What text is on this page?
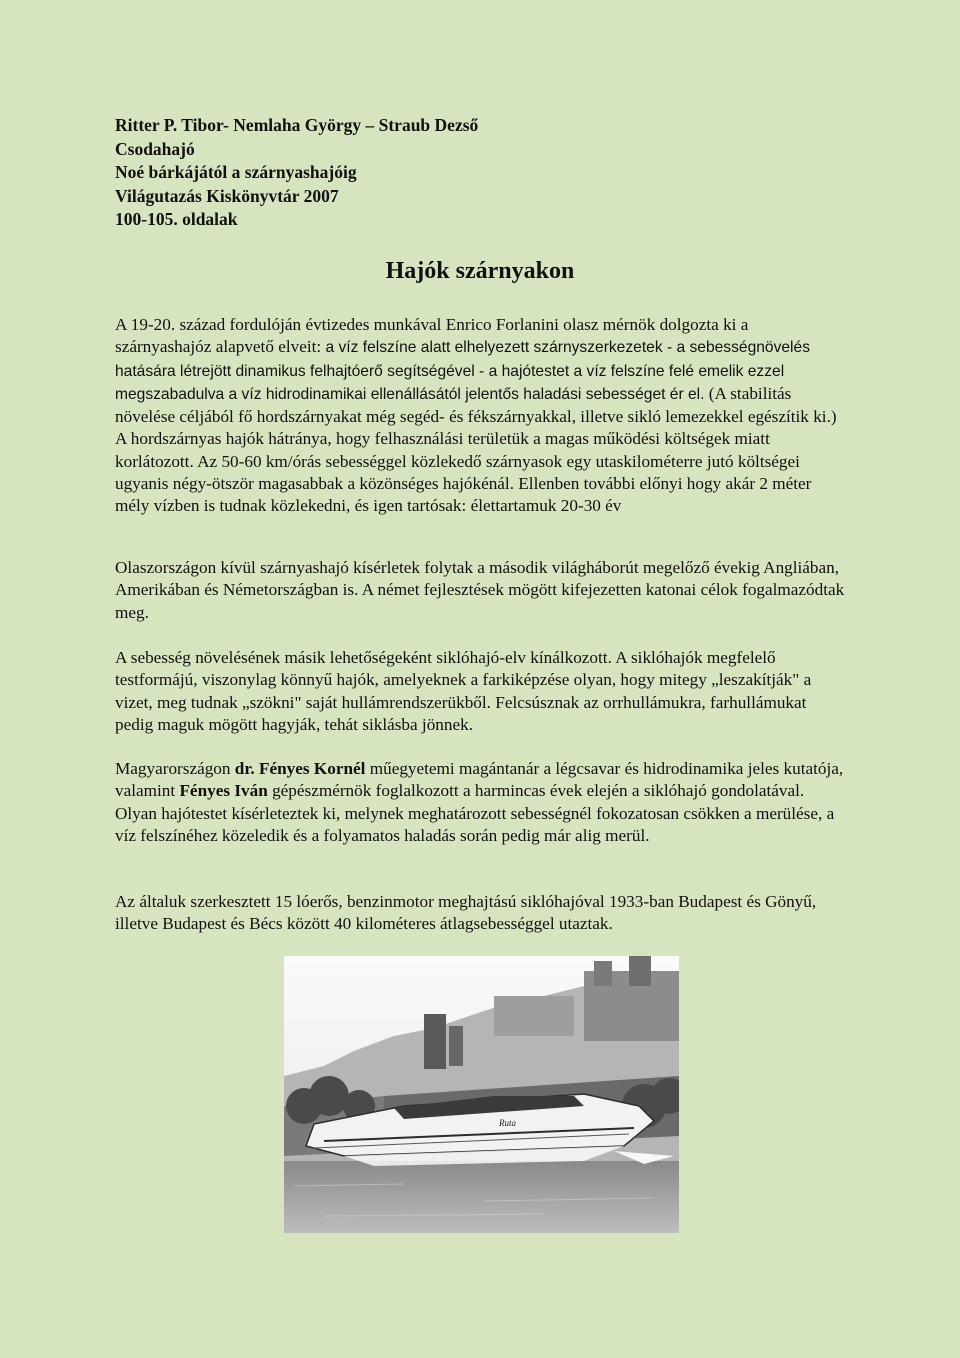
Ritter P. Tibor- Nemlaha György – Straub Dezső
Csodahajó
Noé bárkájától a szárnyashajóig
Világutazás Kiskönyvtár 2007
100-105. oldalak
Hajók szárnyakon

A 19-20. század fordulóján évtizedes munkával Enrico Forlanini olasz mérnök dolgozta ki a szárnyashajóz alapvető elveit: a víz felszíne alatt elhelyezett szárnyszerkezetek - a sebességnövelés hatására létrejött dinamikus felhajtóerő segítségével - a hajótestet a víz felszíne felé emelik ezzel megszabadulva a víz hidrodinamikai ellenállásától jelentős haladási sebességet ér el. (A stabilitás növelése céljából fő hordszárnyakat még segéd- és fékszárnyakkal, illetve sikló lemezekkel egészítik ki.) A hordszárnyas hajók hátránya, hogy felhasználási területük a magas működési költségek miatt korlátozott. Az 50-60 km/órás sebességgel közlekedő szárnyasok egy utaskilométerre jutó költségei ugyanis négy-ötször magasabbak a közönséges hajókénál. Ellenben további előnyi hogy akár 2 méter mély vízben is tudnak közlekedni, és igen tartósak: élettartamuk 20-30 év

Olaszországon kívül szárnyashajó kísérletek folytak a második világháborút megelőző évekig Angliában, Amerikában és Németországban is. A német fejlesztések mögött kifejezetten katonai célok fogalmazódtak meg.

A sebesség növelésének másik lehetőségeként siklóhajó-elv kínálkozott. A siklóhajók megfelelő testformájú, viszonylag könnyű hajók, amelyeknek a farkiképzése olyan, hogy mitegy „leszakítják" a vizet, meg tudnak „szökni" saját hullámrendszerükből. Felcsúsznak az orrhullámukra, farhullámukat pedig maguk mögött hagyják, tehát siklásba jönnek.

Magyarországon dr. Fényes Kornél műegyetemi magántanár a légcsavar és hidrodinamika jeles kutatója, valamint Fényes Iván gépészmérnök foglalkozott a harmincas évek elején a siklóhajó gondolatával. Olyan hajótestet kísérleteztek ki, melynek meghatározott sebességnél fokozatosan csökken a merülése, a víz felszínéhez közeledik és a folyamatos haladás során pedig már alig merül.

Az általuk szerkesztett 15 lóerős, benzinmotor meghajtású siklóhajóval 1933-ban Budapest és Gönyű, illetve Budapest és Bécs között 40 kilométeres átlagsebességgel utaztak.

Ruta
